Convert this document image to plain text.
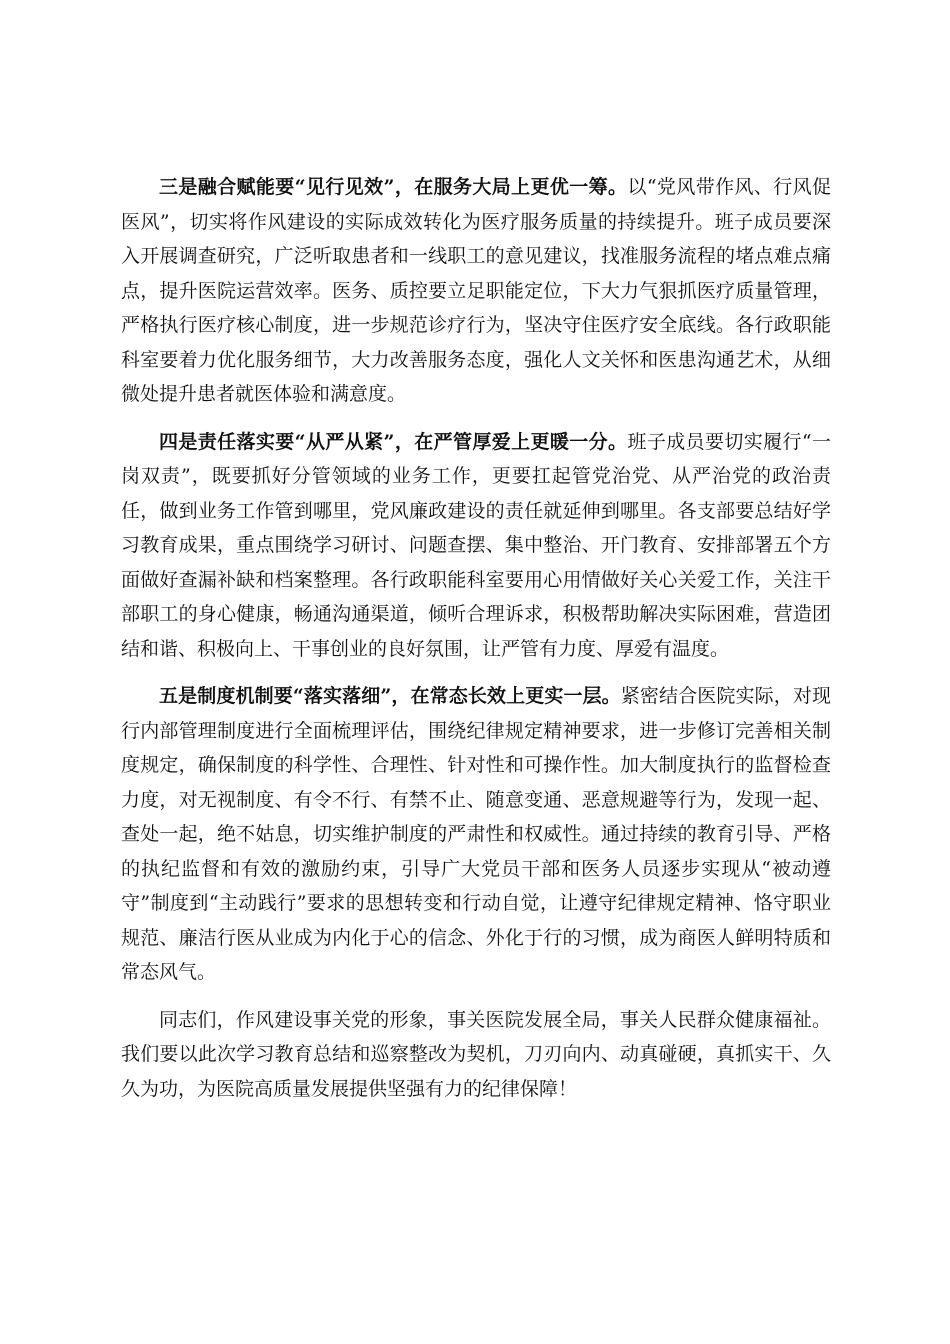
三是融合赋能要“见行见效”，在服务大局上更优一筹。以“党风带作风、行风促医风”，切实将作风建设的实际成效转化为医疗服务质量的持续提升。班子成员要深入开展调查研究，广泛听取患者和一线职工的意见建议，找准服务流程的堵点难点痛点，提升医院运营效率。医务、质控要立足职能定位，下大力气狠抓医疗质量管理，严格执行医疗核心制度，进一步规范诊疗行为，坚决守住医疗安全底线。各行政职能科室要着力优化服务细节，大力改善服务态度，强化人文关怀和医患沟通艺术，从细微处提升患者就医体验和满意度。

四是责任落实要“从严从紧”，在严管厚爱上更暖一分。班子成员要切实履行“一岗双责”，既要抓好分管领域的业务工作，更要扛起管党治党、从严治党的政治责任，做到业务工作管到哪里，党风廉政建设的责任就延伸到哪里。各支部要总结好学习教育成果，重点围绕学习研讨、问题查摆、集中整治、开门教育、安排部署五个方面做好查漏补缺和档案整理。各行政职能科室要用心用情做好关心关爱工作，关注干部职工的身心健康，畅通沟通渠道，倾听合理诉求，积极帮助解决实际困难，营造团结和谐、积极向上、干事创业的良好氛围，让严管有力度、厚爱有温度。

五是制度机制要“落实落细”，在常态长效上更实一层。紧密结合医院实际，对现行内部管理制度进行全面梳理评估，围绕纪律规定精神要求，进一步修订完善相关制度规定，确保制度的科学性、合理性、针对性和可操作性。加大制度执行的监督检查力度，对无视制度、有令不行、有禁不止、随意变通、恶意规避等行为，发现一起、查处一起，绝不姑息，切实维护制度的严肃性和权威性。通过持续的教育引导、严格的执纪监督和有效的激励约束，引导广大党员干部和医务人员逐步实现从“被动遵守”制度到“主动践行”要求的思想转变和行动自觉，让遵守纪律规定精神、恪守职业规范、廉洁行医从业成为内化于心的信念、外化于行的习惯，成为商医人鲜明特质和常态风气。

同志们，作风建设事关党的形象，事关医院发展全局，事关人民群众健康福祉。我们要以此次学习教育总结和巡察整改为契机，刀刃向内、动真碰硬，真抓实干、久久为功，为医院高质量发展提供坚强有力的纪律保障！
